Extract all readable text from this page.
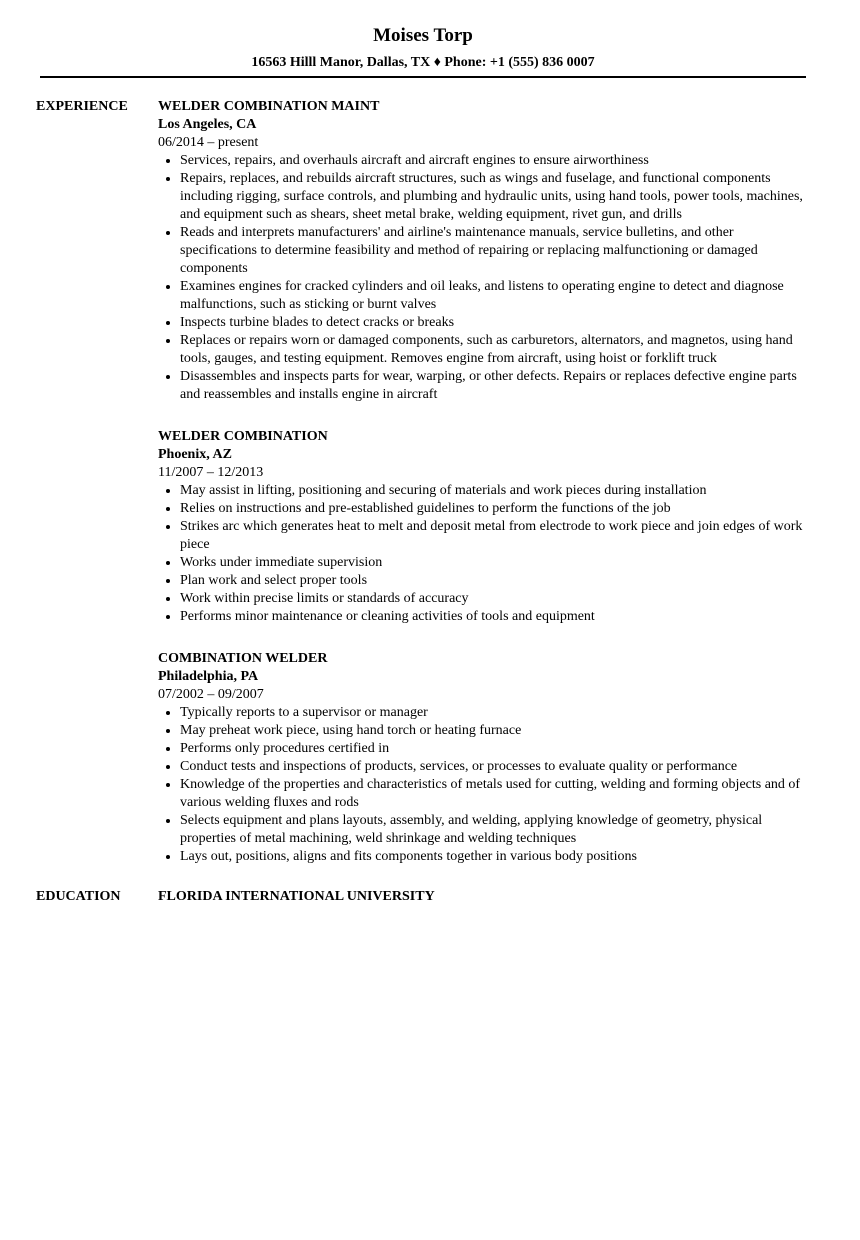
Moises Torp
16563 Hilll Manor, Dallas, TX ♦ Phone: +1 (555) 836 0007
EXPERIENCE WELDER COMBINATION MAINT
Los Angeles, CA
06/2014 – present
• Services, repairs, and overhauls aircraft and aircraft engines to ensure airworthiness
• Repairs, replaces, and rebuilds aircraft structures, such as wings and fuselage, and functional components including rigging, surface controls, and plumbing and hydraulic units, using hand tools, power tools, machines, and equipment such as shears, sheet metal brake, welding equipment, rivet gun, and drills
• Reads and interprets manufacturers' and airline's maintenance manuals, service bulletins, and other specifications to determine feasibility and method of repairing or replacing malfunctioning or damaged components
• Examines engines for cracked cylinders and oil leaks, and listens to operating engine to detect and diagnose malfunctions, such as sticking or burnt valves
• Inspects turbine blades to detect cracks or breaks
• Replaces or repairs worn or damaged components, such as carburetors, alternators, and magnetos, using hand tools, gauges, and testing equipment. Removes engine from aircraft, using hoist or forklift truck
• Disassembles and inspects parts for wear, warping, or other defects. Repairs or replaces defective engine parts and reassembles and installs engine in aircraft
WELDER COMBINATION
Phoenix, AZ
11/2007 – 12/2013
• May assist in lifting, positioning and securing of materials and work pieces during installation
• Relies on instructions and pre-established guidelines to perform the functions of the job
• Strikes arc which generates heat to melt and deposit metal from electrode to work piece and join edges of work piece
• Works under immediate supervision
• Plan work and select proper tools
• Work within precise limits or standards of accuracy
• Performs minor maintenance or cleaning activities of tools and equipment
COMBINATION WELDER
Philadelphia, PA
07/2002 – 09/2007
• Typically reports to a supervisor or manager
• May preheat work piece, using hand torch or heating furnace
• Performs only procedures certified in
• Conduct tests and inspections of products, services, or processes to evaluate quality or performance
• Knowledge of the properties and characteristics of metals used for cutting, welding and forming objects and of various welding fluxes and rods
• Selects equipment and plans layouts, assembly, and welding, applying knowledge of geometry, physical properties of metal machining, weld shrinkage and welding techniques
• Lays out, positions, aligns and fits components together in various body positions
EDUCATION	FLORIDA INTERNATIONAL UNIVERSITY
